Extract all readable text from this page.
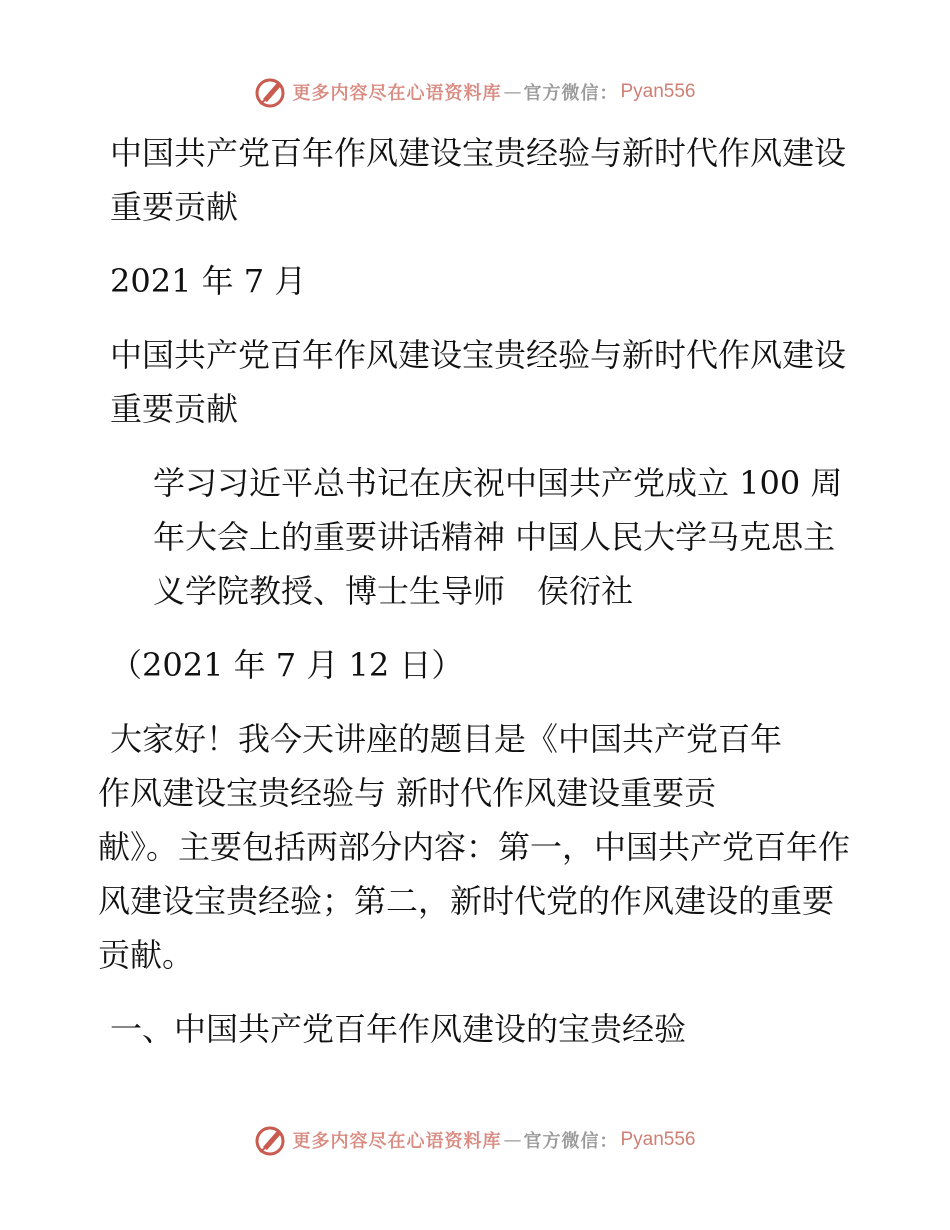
更多内容尽在心语资料库 — 官方微信： Pyan556

中国共产党百年作风建设宝贵经验与新时代作风建设重要贡献

2021 年 7 月

中国共产党百年作风建设宝贵经验与新时代作风建设重要贡献

学习习近平总书记在庆祝中国共产党成立 100 周年大会上的重要讲话精神 中国人民大学马克思主义学院教授、博士生导师　侯衍社

（2021 年 7 月 12 日）

大家好！我今天讲座的题目是《中国共产党百年

作风建设宝贵经验与 新时代作风建设重要贡

献》。主要包括两部分内容：第一，中国共产党百年作风建设宝贵经验；第二，新时代党的作风建设的重要贡献。

一、中国共产党百年作风建设的宝贵经验

更多内容尽在心语资料库 — 官方微信： Pyan556
